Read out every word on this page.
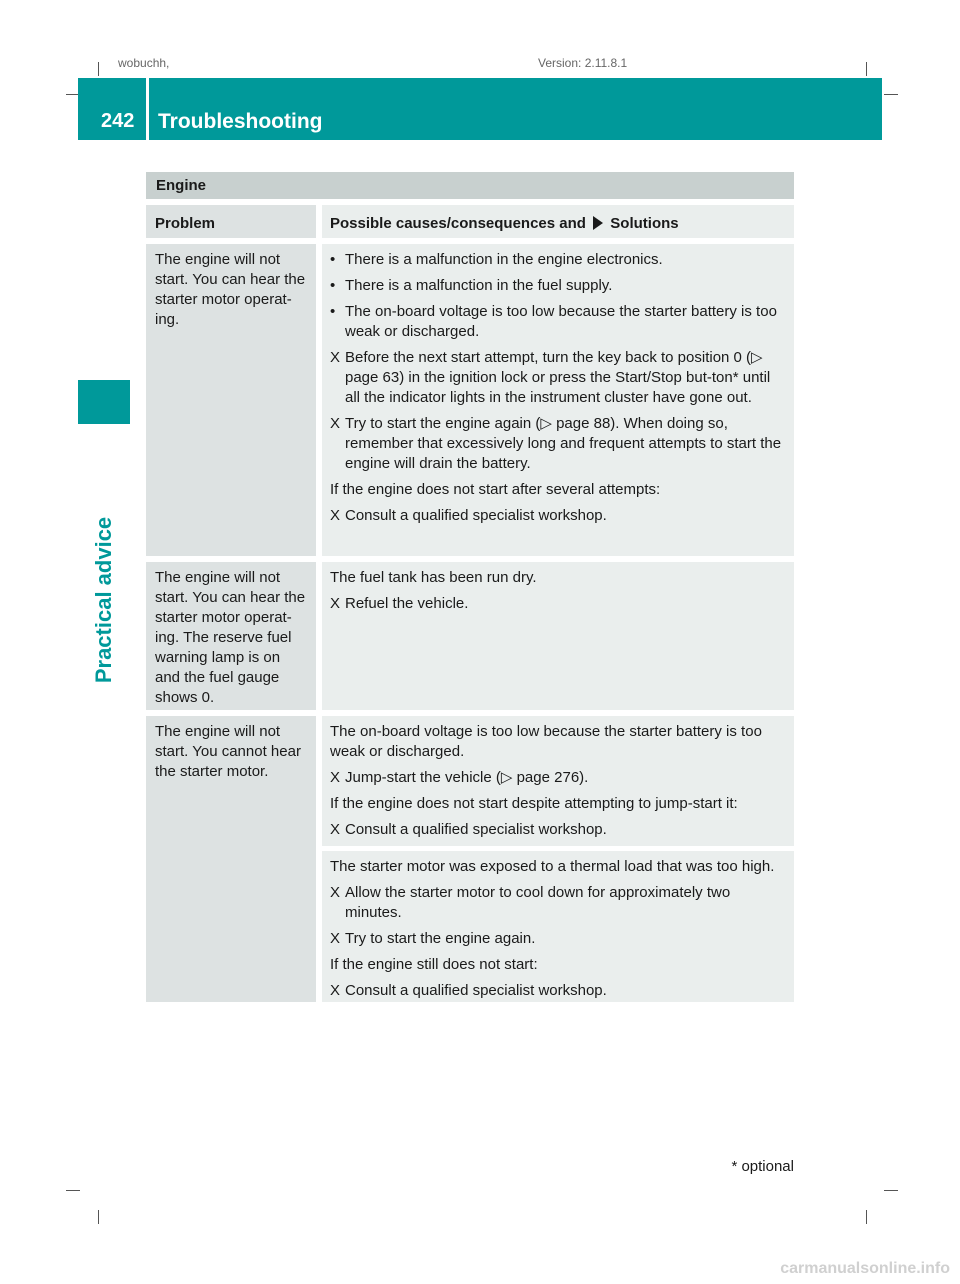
wobuchh,	Version: 2.11.8.1
242 Troubleshooting
Practical advice
Engine
Problem	Possible causes/consequences and Solutions
The engine will not start. You can hear the starter motor operat-ing.
• There is a malfunction in the engine electronics.
• There is a malfunction in the fuel supply.
• The on-board voltage is too low because the starter battery is too weak or discharged.
X Before the next start attempt, turn the key back to position 0 (▷ page 63) in the ignition lock or press the Start/Stop but-ton* until all the indicator lights in the instrument cluster have gone out.
X Try to start the engine again (▷ page 88). When doing so, remember that excessively long and frequent attempts to start the engine will drain the battery.
If the engine does not start after several attempts:
X Consult a qualified specialist workshop.
The engine will not start. You can hear the starter motor operat-ing. The reserve fuel warning lamp is on and the fuel gauge shows 0.
The fuel tank has been run dry.
X Refuel the vehicle.
The engine will not start. You cannot hear the starter motor.
The on-board voltage is too low because the starter battery is too weak or discharged.
X Jump-start the vehicle (▷ page 276).
If the engine does not start despite attempting to jump-start it:
X Consult a qualified specialist workshop.
The starter motor was exposed to a thermal load that was too high.
X Allow the starter motor to cool down for approximately two minutes.
X Try to start the engine again.
If the engine still does not start:
X Consult a qualified specialist workshop.
* optional
carmanualsonline.info
